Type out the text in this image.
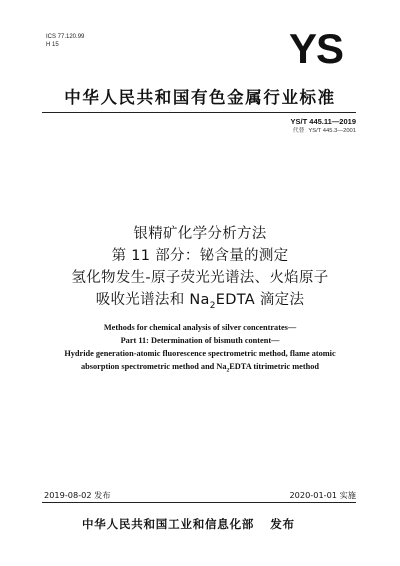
ICS 77.120.99
H 15	YS
中华人民共和国有色金属行业标准
YS/T 445.11—2019
代替 YS/T 445.3—2001
银精矿化学分析方法
第 11 部分：铋含量的测定
氢化物发生-原子荧光光谱法、火焰原子
吸收光谱法和 $Na_2EDTA$ 滴定法
Methods for chemical analysis of silver concentrates—
Part 11: Determination of bismuth content—
Hydride generation-atomic fluorescence spectrometric method, flame atomic
absorption spectrometric method and $Na_2EDTA$ titrimetric method
2019-08-02 发布	2020-01-01 实施
中华人民共和国工业和信息化部 发布
